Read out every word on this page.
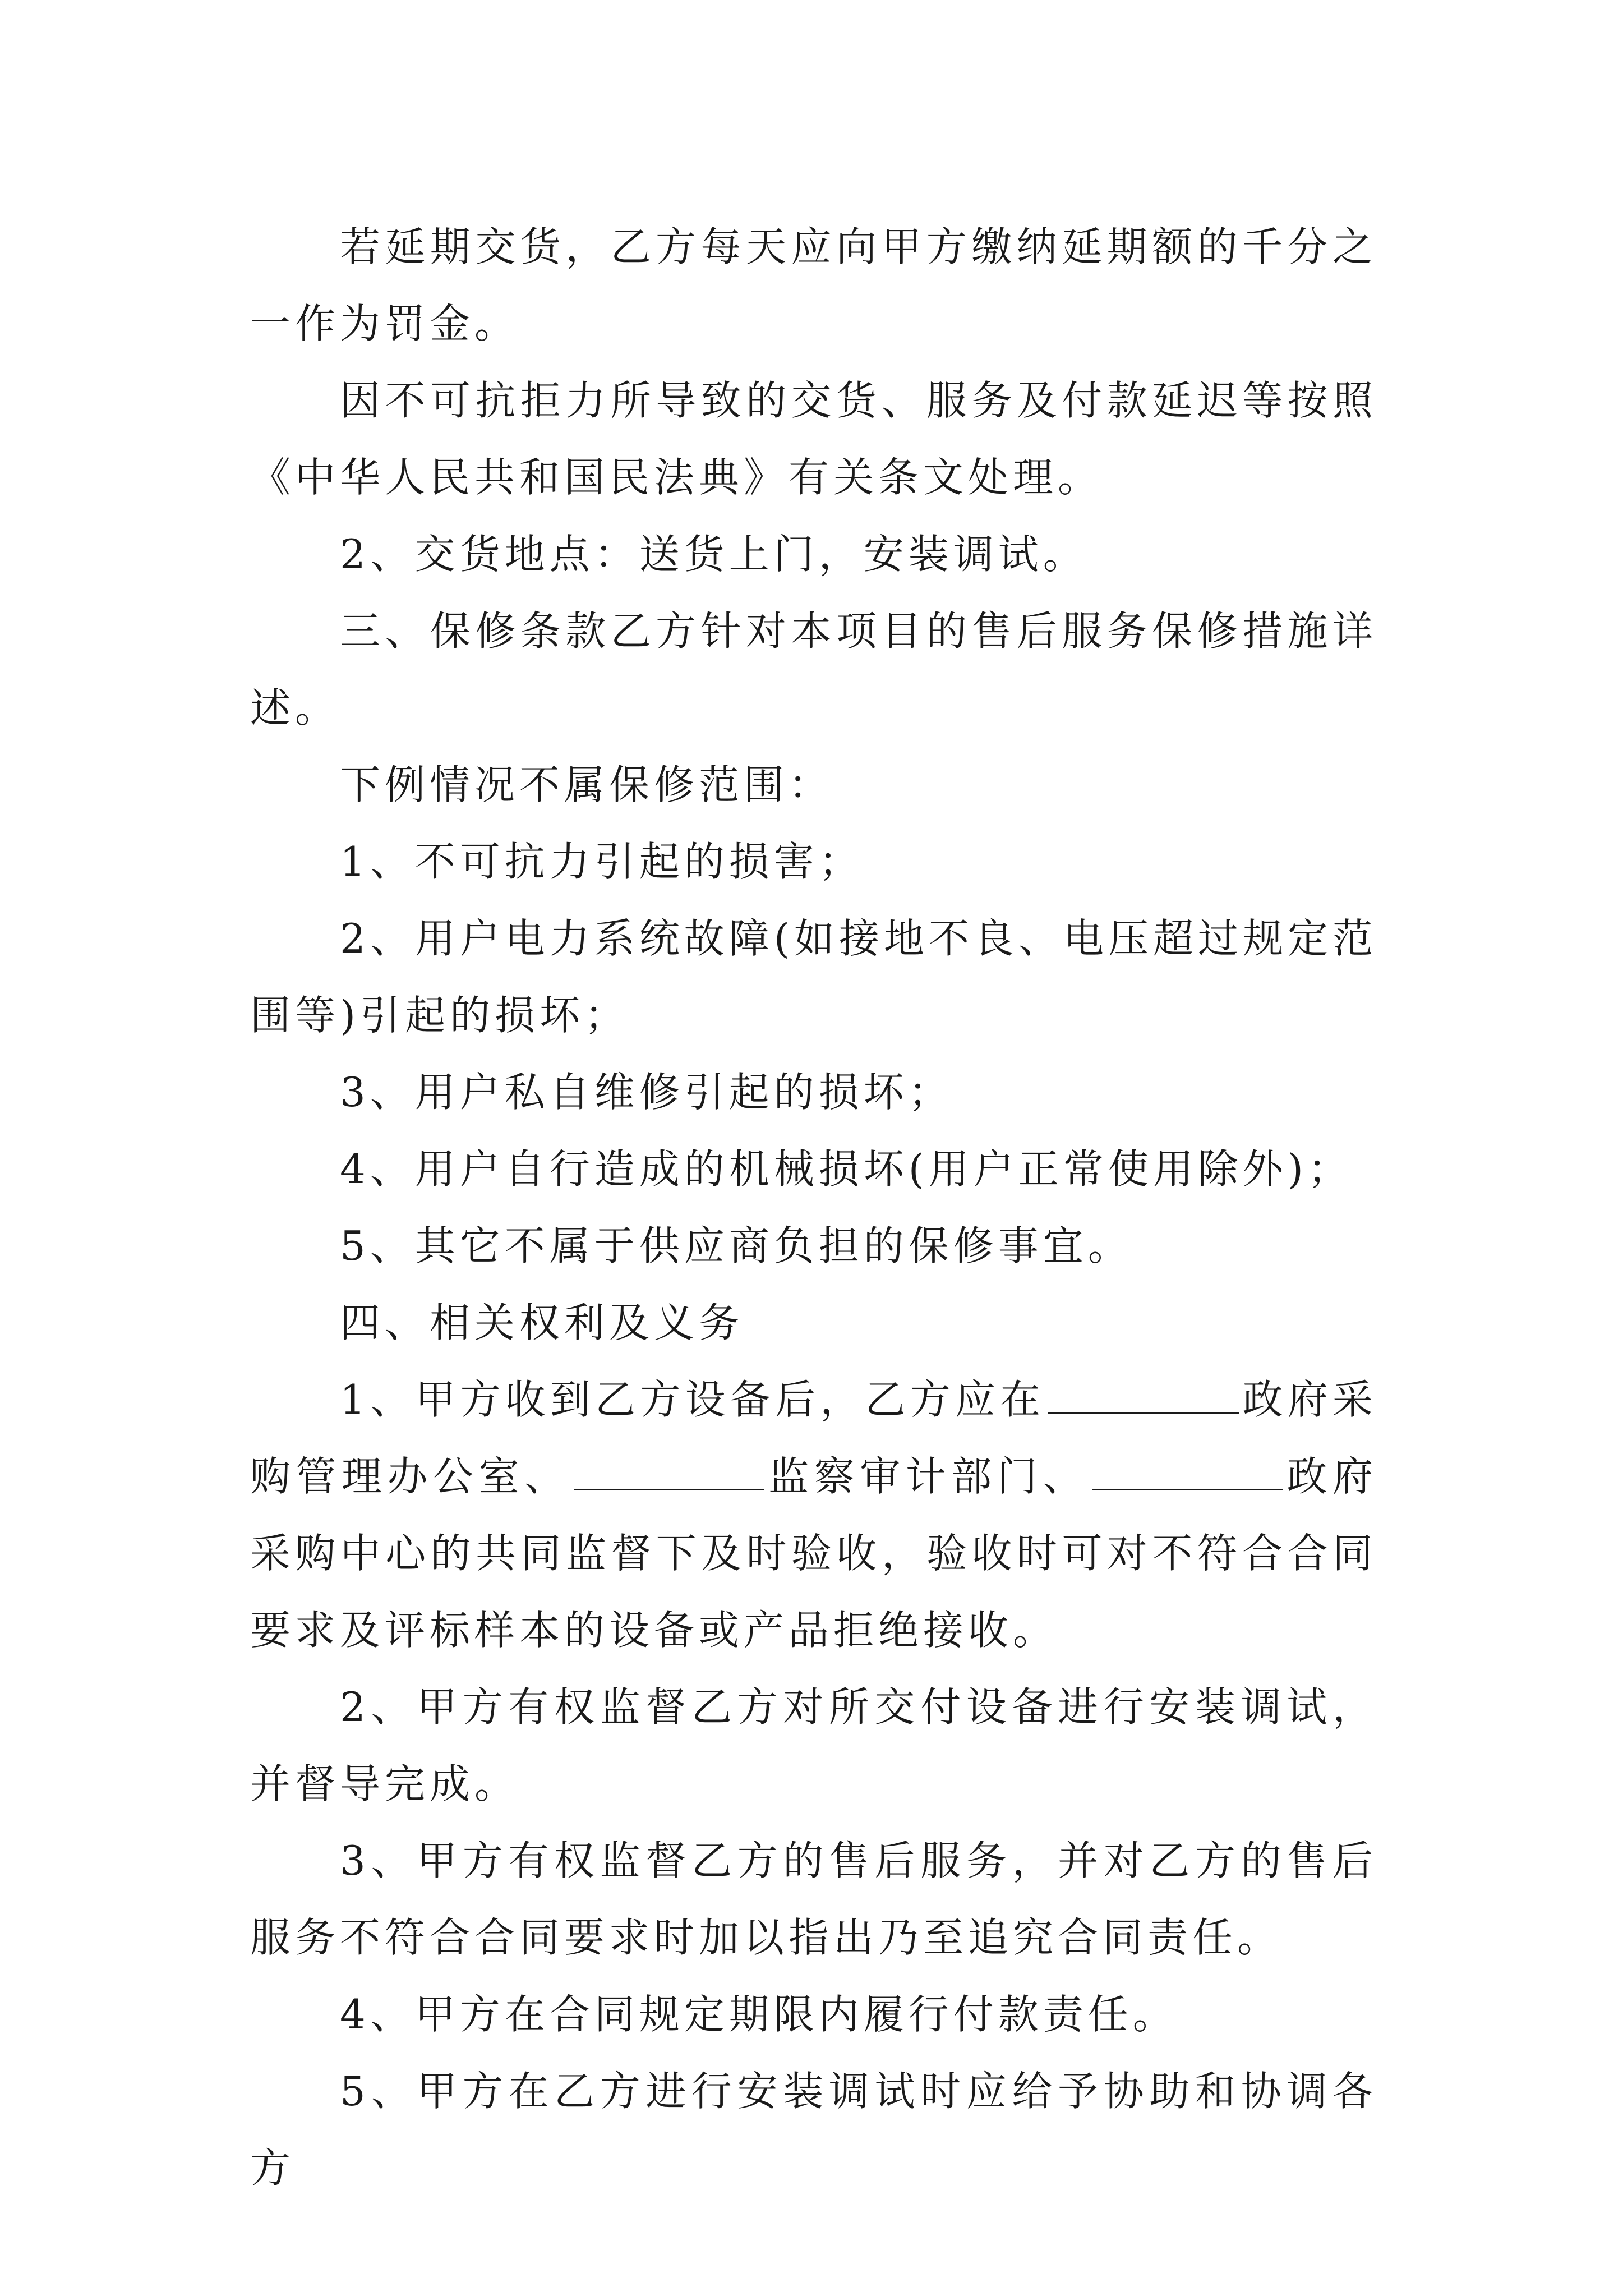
若延期交货，乙方每天应向甲方缴纳延期额的千分之一作为罚金。

因不可抗拒力所导致的交货、服务及付款延迟等按照《中华人民共和国民法典》有关条文处理。

2、交货地点：送货上门，安装调试。

三、保修条款乙方针对本项目的售后服务保修措施详述。

下例情况不属保修范围：

1、不可抗力引起的损害；

2、用户电力系统故障(如接地不良、电压超过规定范围等)引起的损坏；

3、用户私自维修引起的损坏；

4、用户自行造成的机械损坏(用户正常使用除外)；

5、其它不属于供应商负担的保修事宜。

四、相关权利及义务

1、甲方收到乙方设备后，乙方应在	政府采购管理办公室、	监察审计部门、	政府采购中心的共同监督下及时验收，验收时可对不符合合同要求及评标样本的设备或产品拒绝接收。

2、甲方有权监督乙方对所交付设备进行安装调试，并督导完成。

3、甲方有权监督乙方的售后服务，并对乙方的售后服务不符合合同要求时加以指出乃至追究合同责任。

4、甲方在合同规定期限内履行付款责任。

5、甲方在乙方进行安装调试时应给予协助和协调各方
